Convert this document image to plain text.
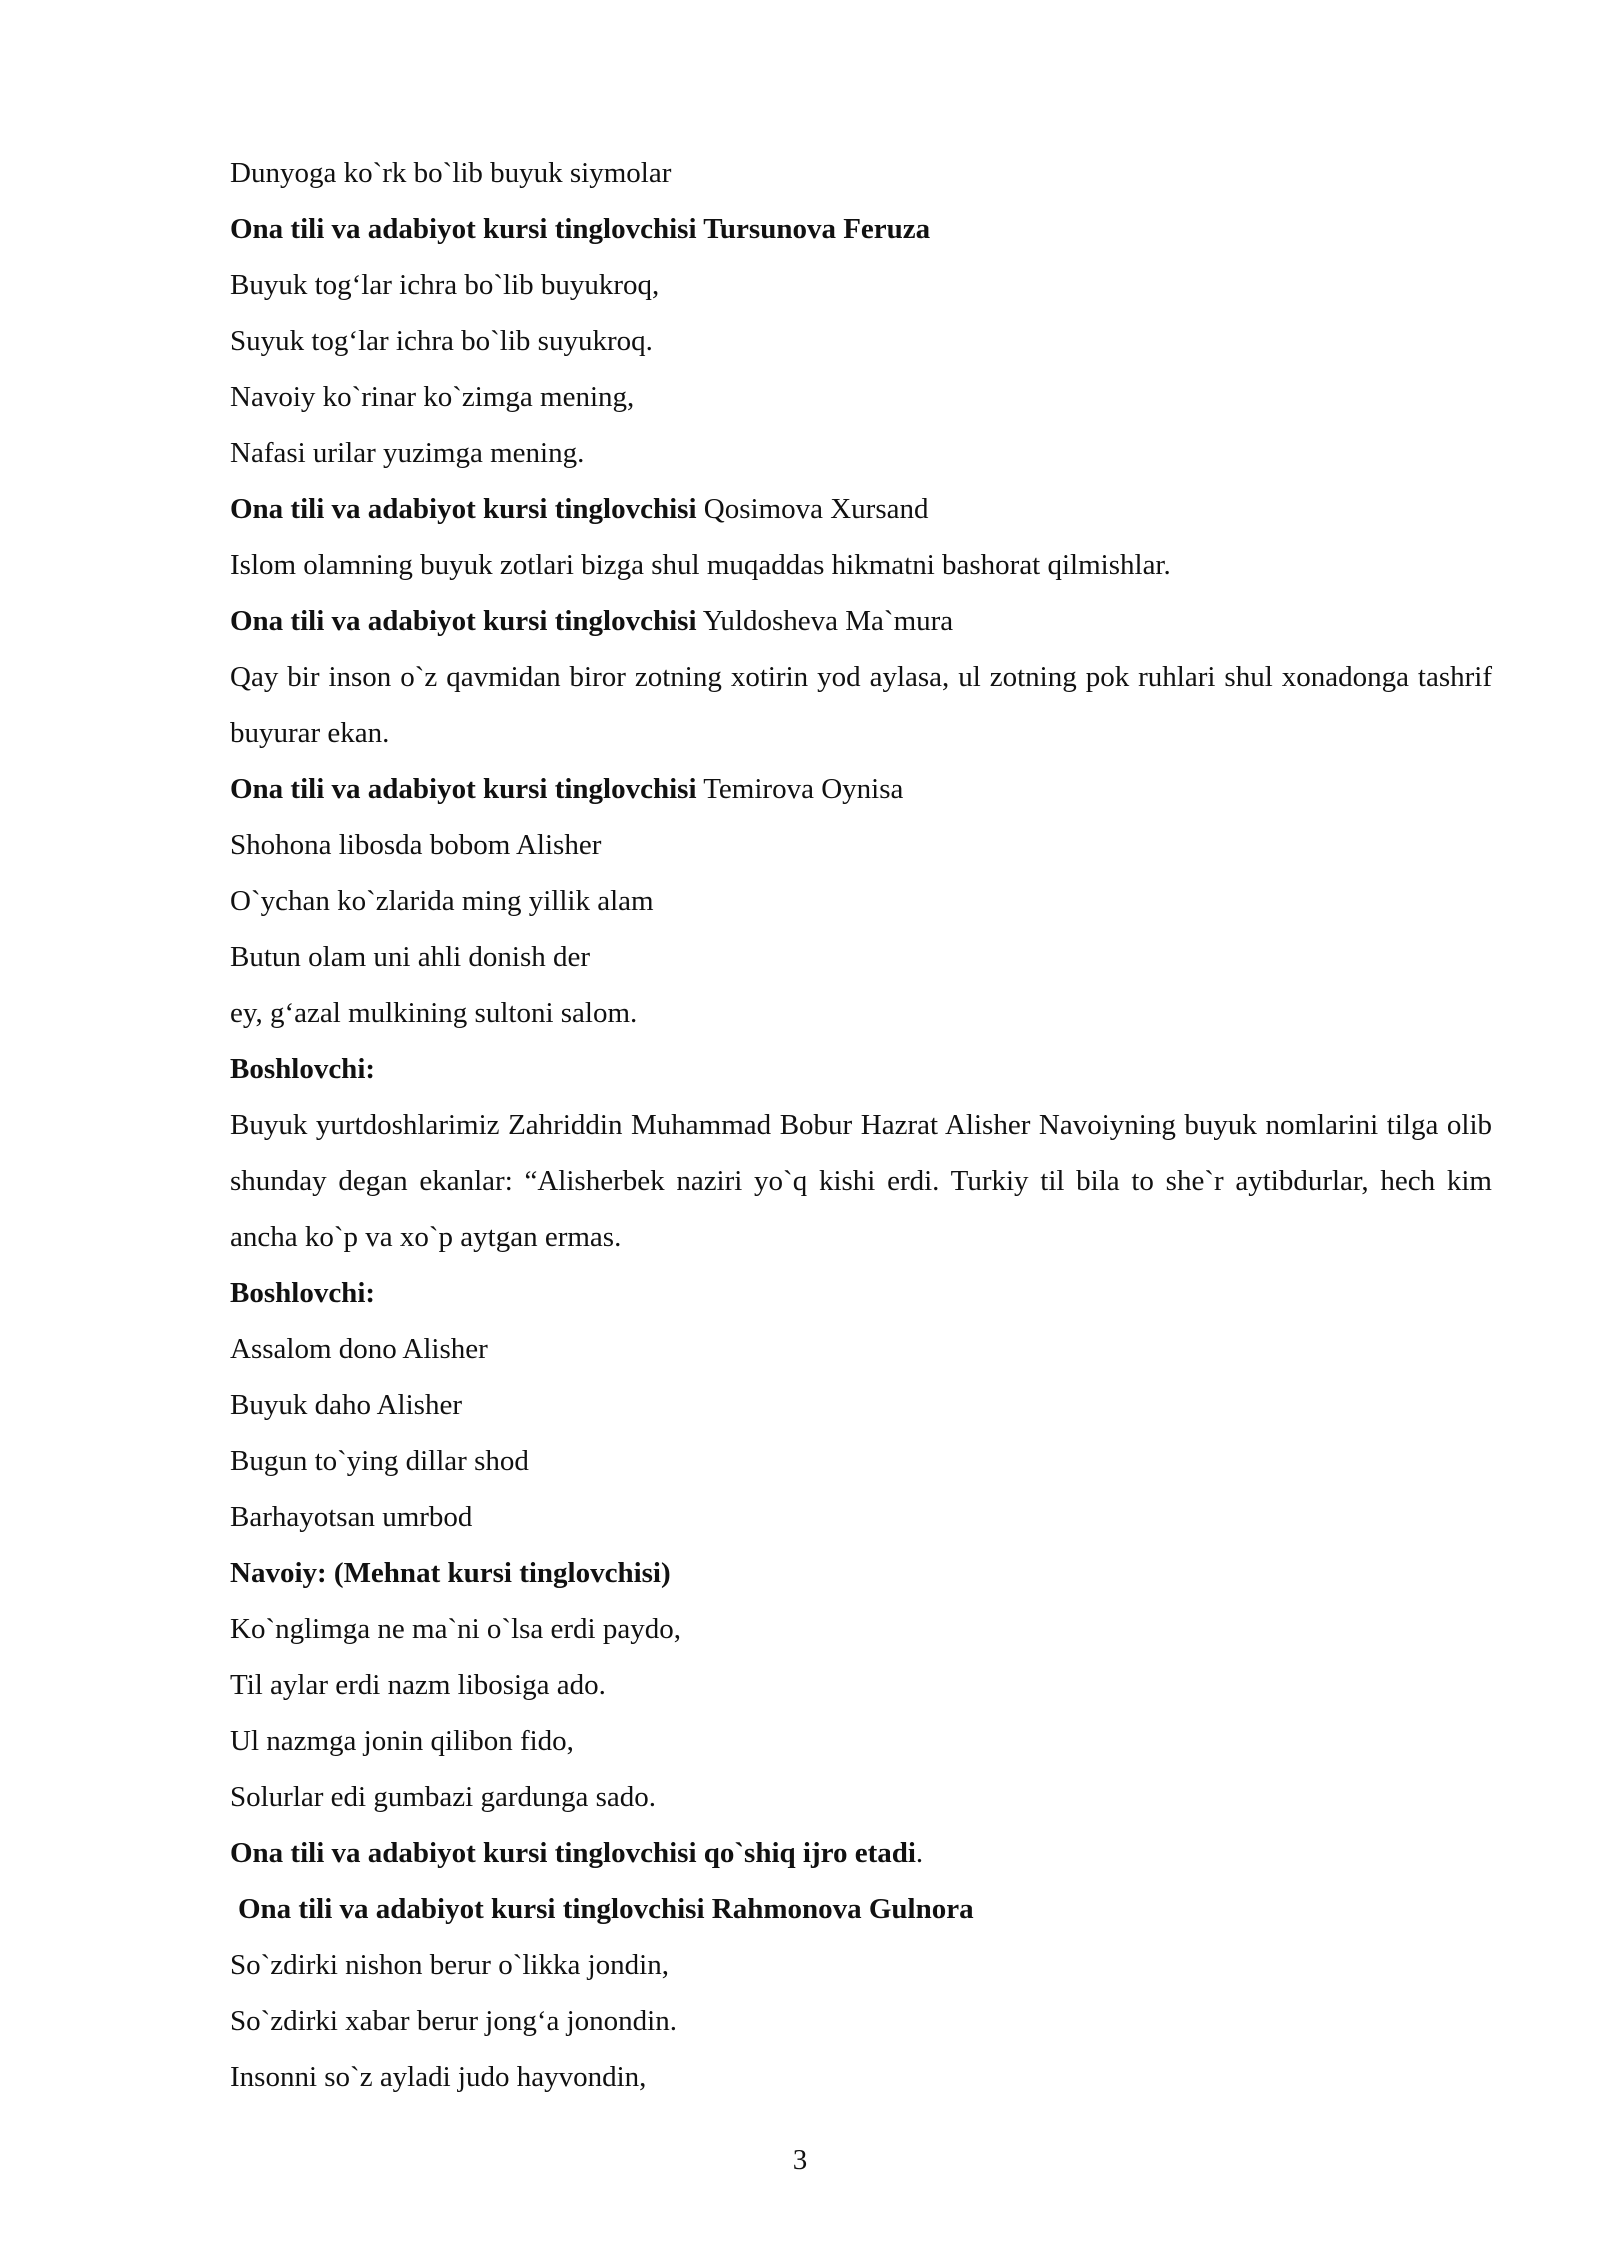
Dunyoga ko`rk bo`lib buyuk siymolar
Ona tili va adabiyot kursi tinglovchisi Tursunova Feruza
Buyuk tog‘lar ichra bo`lib buyukroq,
Suyuk tog‘lar ichra bo`lib suyukroq.
Navoiy ko`rinar ko`zimga mening,
Nafasi urilar yuzimga mening.
Ona tili va adabiyot kursi tinglovchisi Qosimova Xursand
Islom olamning buyuk zotlari bizga shul muqaddas hikmatni bashorat qilmishlar.
Ona tili va adabiyot kursi tinglovchisi Yuldosheva Ma`mura
Qay bir inson o`z qavmidan biror zotning xotirin yod aylasa, ul zotning pok ruhlari shul xonadonga tashrif buyurar ekan.
Ona tili va adabiyot kursi tinglovchisi Temirova Oynisa
Shohona libosda bobom Alisher
O`ychan ko`zlarida ming yillik alam
Butun olam uni ahli donish der
ey, g‘azal mulkining sultoni salom.
Boshlovchi:
Buyuk yurtdoshlarimiz Zahriddin Muhammad Bobur Hazrat Alisher Navoiyning buyuk nomlarini tilga olib shunday degan ekanlar: “Alisherbek naziri yo`q kishi erdi. Turkiy til bila to she`r aytibdurlar, hech kim ancha ko`p va xo`p aytgan ermas.
Boshlovchi:
Assalom dono Alisher
Buyuk daho Alisher
Bugun to`ying dillar shod
Barhayotsan umrbod
Navoiy: (Mehnat kursi tinglovchisi)
Ko`nglimga ne ma`ni o`lsa erdi paydo,
Til aylar erdi nazm libosiga ado.
Ul nazmga jonin qilibon fido,
Solurlar edi gumbazi gardunga sado.
Ona tili va adabiyot kursi tinglovchisi qo`shiq ijro etadi.
Ona tili va adabiyot kursi tinglovchisi Rahmonova Gulnora
So`zdirki nishon berur o`likka jondin,
So`zdirki xabar berur jong‘a jonondin.
Insonni so`z ayladi judo hayvondin,
3
